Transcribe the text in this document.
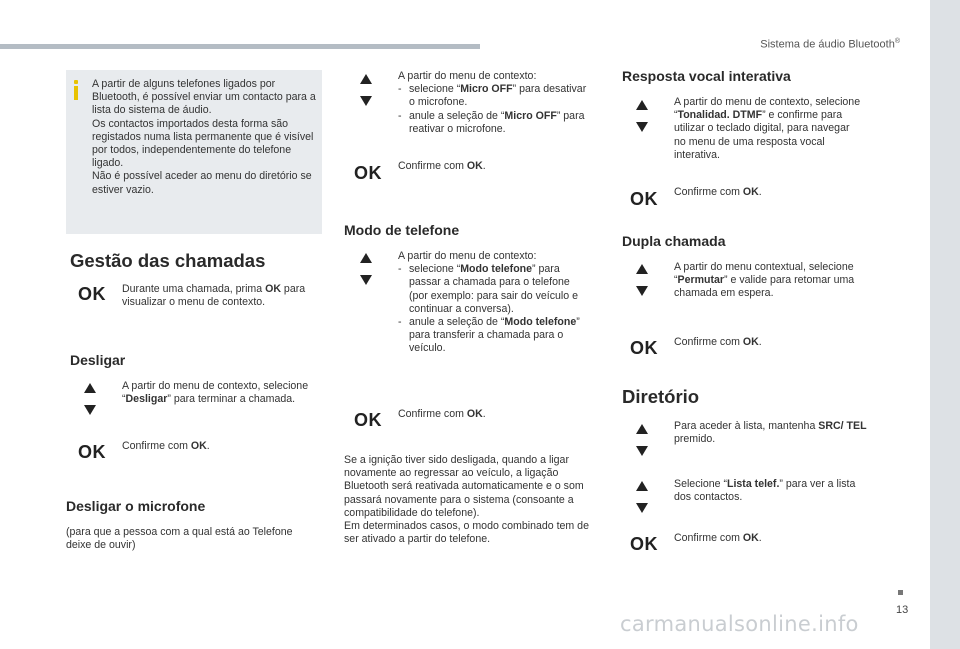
Sistema de áudio Bluetooth®
13
A partir de alguns telefones ligados por Bluetooth, é possível enviar um contacto para a lista do sistema de áudio.
Os contactos importados desta forma são registados numa lista permanente que é visível por todos, independentemente do telefone ligado.
Não é possível aceder ao menu do diretório se estiver vazio.
Gestão das chamadas
OK Durante uma chamada, prima OK para visualizar o menu de contexto.
Desligar
A partir do menu de contexto, selecione “Desligar” para terminar a chamada.
OK Confirme com OK.
Desligar o microfone
(para que a pessoa com a qual está ao Telefone deixe de ouvir)
A partir do menu de contexto:
- selecione “Micro OFF” para desativar o microfone.
- anule a seleção de “Micro OFF” para reativar o microfone.
OK Confirme com OK.
Modo de telefone
A partir do menu de contexto:
- selecione “Modo telefone” para passar a chamada para o telefone (por exemplo: para sair do veículo e continuar a conversa).
- anule a seleção de “Modo telefone” para transferir a chamada para o veículo.
OK Confirme com OK.
Se a ignição tiver sido desligada, quando a ligar novamente ao regressar ao veículo, a ligação Bluetooth será reativada automaticamente e o som passará novamente para o sistema (consoante a compatibilidade do telefone).
Em determinados casos, o modo combinado tem de ser ativado a partir do telefone.
Resposta vocal interativa
A partir do menu de contexto, selecione “Tonalidad. DTMF” e confirme para utilizar o teclado digital, para navegar no menu de uma resposta vocal interativa.
OK Confirme com OK.
Dupla chamada
A partir do menu contextual, selecione “Permutar” e valide para retomar uma chamada em espera.
OK Confirme com OK.
Diretório
Para aceder à lista, mantenha SRC/ TEL premido.
Selecione “Lista telef.” para ver a lista dos contactos.
OK Confirme com OK.
carmanualsonline.info
